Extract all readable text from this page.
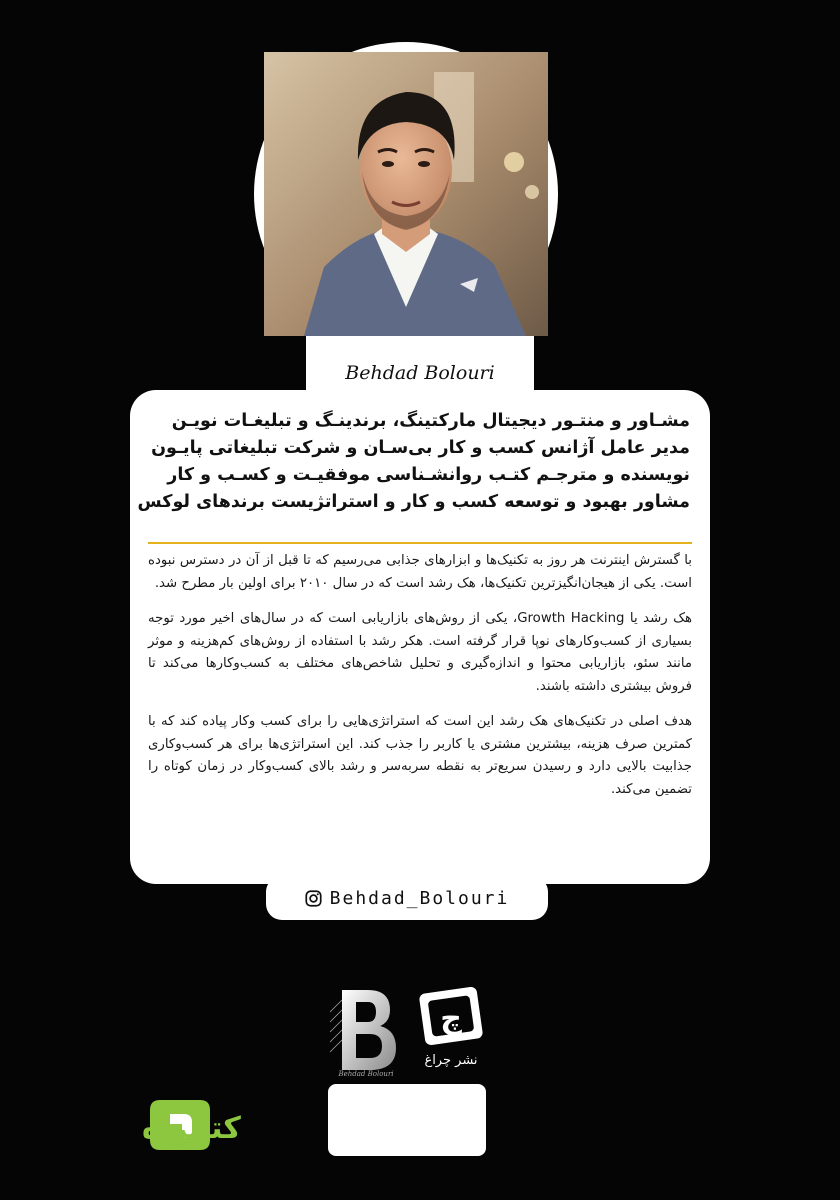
Behdad Bolouri
مشـاور و منتـور دیجیتال مارکتینگ، برندینـگ و تبلیغـات نویـن
مدیر عامل آژانس کسب و کار بی‌سـان و شرکت تبلیغاتی پایـون
نویسنده و مترجـم کتـب روانشـناسی موفقیـت و کسـب و کار
مشاور بهبود و توسعه کسب و کار و استراتژیست برندهای لوکس

با گسترش اینترنت هر روز به تکنیک‌ها و ابزارهای جذابی می‌رسیم که تا قبل از آن در دسترس نبوده است. یکی از هیجان‌انگیزترین تکنیک‌ها، هک رشد است که در سال ۲۰۱۰ برای اولین بار مطرح شد.

هک رشد یا Growth Hacking، یکی از روش‌های بازاریابی است که در سال‌های اخیر مورد توجه بسیاری از کسب‌وکارهای نوپا قرار گرفته است. هکر رشد با استفاده از روش‌های کم‌هزینه و موثر مانند سئو، بازاریابی محتوا و اندازه‌گیری و تحلیل شاخص‌های مختلف به کسب‌وکارها می‌کند تا فروش بیشتری داشته باشند.

هدف اصلی در تکنیک‌های هک رشد این است که استراتژی‌هایی را برای کسب وکار پیاده کند که با کمترین صرف هزینه، بیشترین مشتری یا کاربر را جذب کند. این استراتژی‌ها برای هر کسب‌وکاری جذابیت بالایی دارد و رسیدن سریع‌تر به نقطه سربه‌سر و رشد بالای کسب‌وکار در زمان کوتاه را تضمین می‌کند.

Behdad_Bolouri
Behdad Bolouri
چ
نشر چراغ
کتابراه
